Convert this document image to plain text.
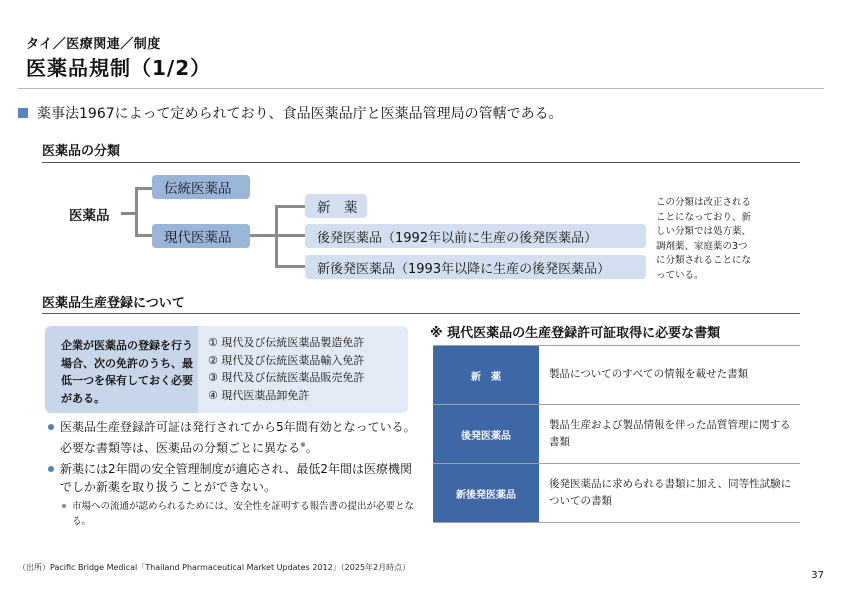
タイ／医療関連／制度
医薬品規制（1/2）
薬事法1967によって定められており、食品医薬品庁と医薬品管理局の管轄である。
医薬品の分類
医薬品
伝統医薬品
現代医薬品
新　薬
後発医薬品（1992年以前に生産の後発医薬品）
新後発医薬品（1993年以降に生産の後発医薬品）
この分類は改正されることになっており、新しい分類では処方薬、調剤薬、家庭薬の3つに分類されることになっている。
医薬品生産登録について
企業が医薬品の登録を行う場合、次の免許のうち、最低一つを保有しておく必要がある。
① 現代及び伝統医薬品製造免許
② 現代及び伝統医薬品輸入免許
③ 現代及び伝統医薬品販売免許
④ 現代医薬品卸免許
医薬品生産登録許可証は発行されてから5年間有効となっている。必要な書類等は、医薬品の分類ごとに異なる※。
新薬には2年間の安全管理制度が適応され、最低2年間は医療機関でしか新薬を取り扱うことができない。
市場への流通が認められるためには、安全性を証明する報告書の提出が必要となる。
※ 現代医薬品の生産登録許可証取得に必要な書類
新　薬	製品についてのすべての情報を載せた書類
後発医薬品	製品生産および製品情報を伴った品質管理に関する書類
新後発医薬品	後発医薬品に求められる書類に加え、同等性試験についての書類
（出所）Pacific Bridge Medical「Thailand Pharmaceutical Market Updates 2012」（2025年2月時点）
37
